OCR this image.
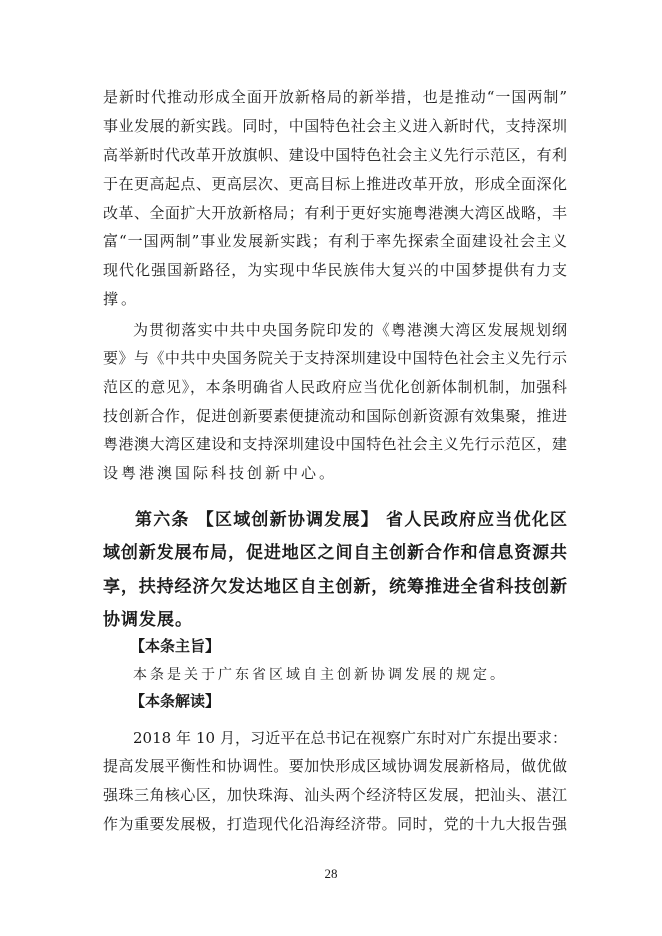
是新时代推动形成全面开放新格局的新举措，也是推动“一国两制”
事业发展的新实践。同时，中国特色社会主义进入新时代，支持深圳
高举新时代改革开放旗帜、建设中国特色社会主义先行示范区，有利
于在更高起点、更高层次、更高目标上推进改革开放，形成全面深化
改革、全面扩大开放新格局；有利于更好实施粤港澳大湾区战略，丰
富“一国两制”事业发展新实践；有利于率先探索全面建设社会主义
现代化强国新路径，为实现中华民族伟大复兴的中国梦提供有力支
撑。
为贯彻落实中共中央国务院印发的《粤港澳大湾区发展规划纲
要》与《中共中央国务院关于支持深圳建设中国特色社会主义先行示
范区的意见》，本条明确省人民政府应当优化创新体制机制，加强科
技创新合作，促进创新要素便捷流动和国际创新资源有效集聚，推进
粤港澳大湾区建设和支持深圳建设中国特色社会主义先行示范区，建
设粤港澳国际科技创新中心。
第六条 【区域创新协调发展】 省人民政府应当优化区
域创新发展布局，促进地区之间自主创新合作和信息资源共
享，扶持经济欠发达地区自主创新，统筹推进全省科技创新
协调发展。
【本条主旨】
本条是关于广东省区域自主创新协调发展的规定。
【本条解读】
2018 年 10 月，习近平在总书记在视察广东时对广东提出要求：
提高发展平衡性和协调性。要加快形成区域协调发展新格局，做优做
强珠三角核心区，加快珠海、汕头两个经济特区发展，把汕头、湛江
作为重要发展极，打造现代化沿海经济带。同时，党的十九大报告强
28
